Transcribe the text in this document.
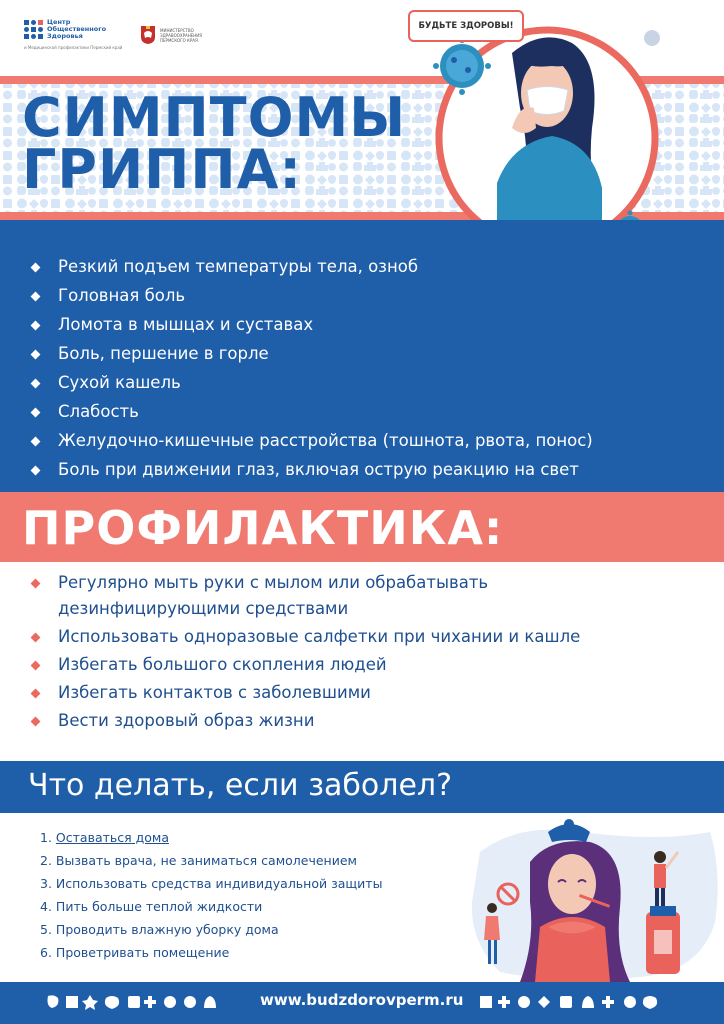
Центр Общественного Здоровья
и Медицинской профилактики Пермский край
МИНИСТЕРСТВО ЗДРАВООХРАНЕНИЯ ПЕРМСКОГО КРАЯ
СИМПТОМЫ
ГРИППА:
БУДЬТЕ ЗДОРОВЫ!
Резкий подъем температуры тела, озноб
Головная боль
Ломота в мышцах и суставах
Боль, першение в горле
Сухой кашель
Слабость
Желудочно-кишечные расстройства (тошнота, рвота, понос)
Боль при движении глаз, включая острую реакцию на свет
ПРОФИЛАКТИКА:
Регулярно мыть руки с мылом или обрабатывать
дезинфицирующими средствами
Использовать одноразовые салфетки при чихании и кашле
Избегать большого скопления людей
Избегать контактов с заболевшими
Вести здоровый образ жизни
Что делать, если заболел?
1. Оставаться дома
2. Вызвать врача, не заниматься самолечением
3. Использовать средства индивидуальной защиты
4. Пить больше теплой жидкости
5. Проводить влажную уборку дома
6. Проветривать помещение
www.budzdorovperm.ru
